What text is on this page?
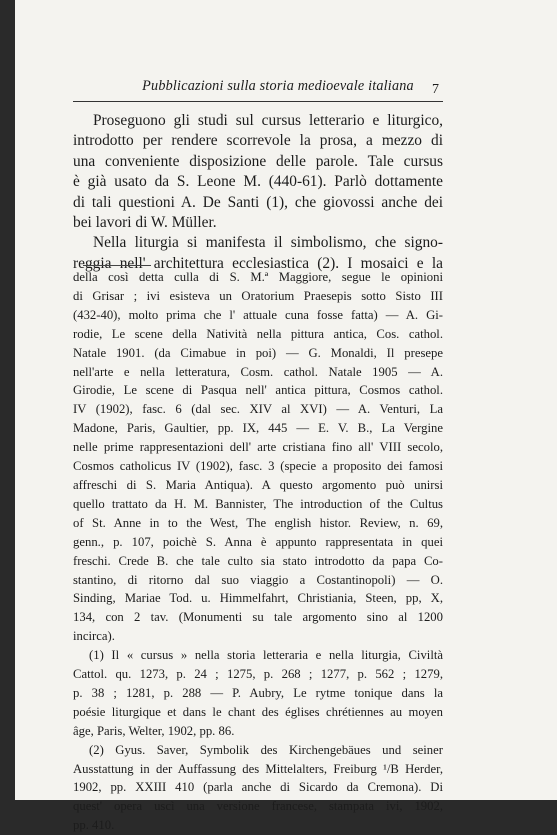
Pubblicazioni sulla storia medioevale italiana	7
Proseguono gli studi sul cursus letterario e liturgico,
introdotto per rendere scorrevole la prosa, a mezzo di
una conveniente disposizione delle parole. Tale cursus
è già usato da S. Leone M. (440-61). Parlò dottamente
di tali questioni A. De Santi (1), che giovossi anche dei
bei lavori di W. Müller.
Nella liturgia si manifesta il simbolismo, che signo-
reggia nell' architettura ecclesiastica (2). I mosaici e la
della così detta culla di S. M.ª Maggiore, segue le opinioni
di Grisar ; ivi esisteva un Oratorium Praesepis sotto Sisto III
(432-40), molto prima che l' attuale cuna fosse fatta) — A. Gi-
rodie, Le scene della Natività nella pittura antica, Cos. cathol.
Natale 1901. (da Cimabue in poi) — G. Monaldi, Il presepe
nell'arte e nella letteratura, Cosm. cathol. Natale 1905 — A.
Girodie, Le scene di Pasqua nell' antica pittura, Cosmos cathol.
IV (1902), fasc. 6 (dal sec. XIV al XVI) — A. Venturi, La
Madone, Paris, Gaultier, pp. IX, 445 — E. V. B., La Vergine
nelle prime rappresentazioni dell' arte cristiana fino all' VIII secolo,
Cosmos catholicus IV (1902), fasc. 3 (specie a proposito dei famosi
affreschi di S. Maria Antiqua). A questo argomento può unirsi
quello trattato da H. M. Bannister, The introduction of the Cultus
of St. Anne in to the West, The english histor. Review, n. 69,
genn., p. 107, poichè S. Anna è appunto rappresentata in quei
freschi. Crede B. che tale culto sia stato introdotto da papa Co-
stantino, di ritorno dal suo viaggio a Costantinopoli) — O.
Sinding, Mariae Tod. u. Himmelfahrt, Christiania, Steen, pp, X,
134, con 2 tav. (Monumenti su tale argomento sino al 1200
incirca).
(1) Il « cursus » nella storia letteraria e nella liturgia, Civiltà
Cattol. qu. 1273, p. 24 ; 1275, p. 268 ; 1277, p. 562 ; 1279,
p. 38 ; 1281, p. 288 — P. Aubry, Le rytme tonique dans la
poésie liturgique et dans le chant des églises chrétiennes au moyen
âge, Paris, Welter, 1902, pp. 86.
(2) Gyus. Saver, Symbolik des Kirchengebäues und seiner
Ausstattung in der Auffassung des Mittelalters, Freiburg ¹/B Herder,
1902, pp. XXIII 410 (parla anche di Sicardo da Cremona). Di
quest' opera uscì una versione francese, stampata ivi, 1902,
pp. 410.
